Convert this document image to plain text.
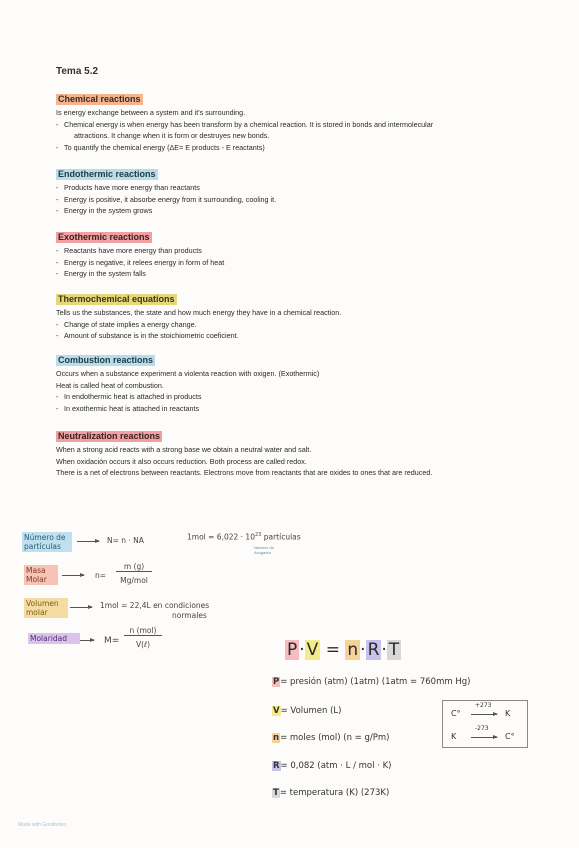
Tema 5.2
Chemical reactions
Is energy exchange between a system and it's surrounding.
- Chemical energy is when energy has been transform by a chemical reaction. It is stored in bonds and intermolecular
attractions. It change when it is form or destruyes new bonds.
- To quantify the chemical energy (ΔE= E products - E reactants)
Endothermic reactions
- Products have more energy than reactants
- Energy is positive, it absorbe energy from it surrounding, cooling it.
- Energy in the system grows
Exothermic reactions
- Reactants have more energy than products
- Energy is negative, it relees energy in form of heat
- Energy in the system falls
Thermochemical equations
Tells us the substances, the state and how much energy they have in a chemical reaction.
- Change of state implies a energy change.
- Amount of substance is in the stoichiometric coeficient.
Combustion reactions
Occurs when a substance experiment a violenta reaction with oxigen. (Exothermic)
Heat is called heat of combustion.
- In endothermic heat is attached in products
- In exothermic heat is attached in reactants
Neutralization reactions
When a strong acid reacts with a strong base we obtain a neutral water and salt.
When oxidación occurs it also occurs reduction. Both process are called redox.
There is a net of electrons between reactants. Electrons move from reactants that are oxides to ones that are reduced.
Número de partículas
N= n · NA	$1mol = 6,022 \cdot 10^{23}$ partículas
Número de Avogadro
Masa Molar	n=
m (g)
Mg/mol
Volumen molar
1mol = 22,4L en condiciones
normales
Molaridad	M=
n (mol)
V(ℓ)	P · V = n · R · T
P= presión (atm) (1atm) (1atm = 760mm Hg)
V= Volumen (L)
n= moles (mol) (n = g/Pm)
R= 0,082 (atm · L / mol · K)
T= temperatura (K) (273K)
C°
+273
K
K
-273
C°
Made with Goodnotes
